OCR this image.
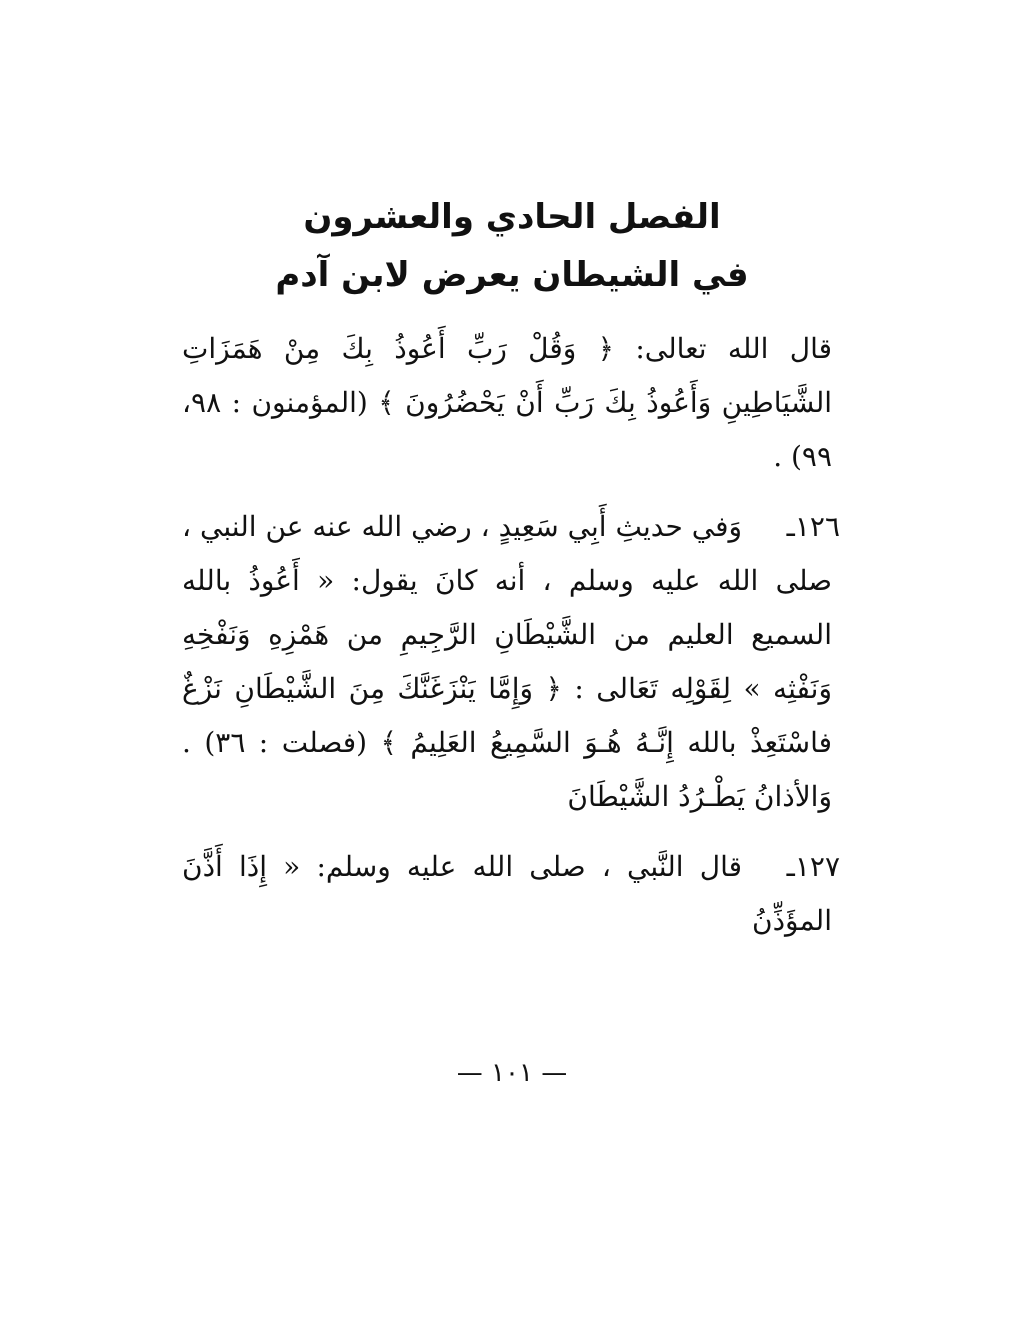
الفصل الحادي والعشرون

في الشيطان يعرض لابن آدم

قال الله تعالى: ﴿ وَقُلْ رَبِّ أَعُوذُ بِكَ مِنْ هَمَزَاتِ الشَّيَاطِينِ وَأَعُوذُ بِكَ رَبِّ أَنْ يَحْضُرُونَ ﴾ (المؤمنون : ٩٨، ٩٩) .

١٢٦ـ
وَفي حديثِ أَبِي سَعِيدٍ ، رضي الله عنه عن النبي ، صلى الله عليه وسلم ، أنه كانَ يقول: « أَعُوذُ بالله السميع العليم من الشَّيْطَانِ الرَّجِيمِ من هَمْزِهِ وَنَفْخِهِ وَنَفْثِه » لِقَوْلِه تَعَالى : ﴿ وَإِمَّا يَنْزَغَنَّكَ مِنَ الشَّيْطَانِ نَزْغٌ فاسْتَعِذْ بالله إِنَّـهُ هُـوَ السَّمِيعُ العَلِيمُ ﴾ (فصلت : ٣٦) . وَالأذانُ يَطْـرُدُ الشَّيْطَانَ

١٢٧ـ
قال النَّبي ، صلى الله عليه وسلم: « إِذَا أَذَّنَ المؤَذِّنُ

— ١٠١ —
